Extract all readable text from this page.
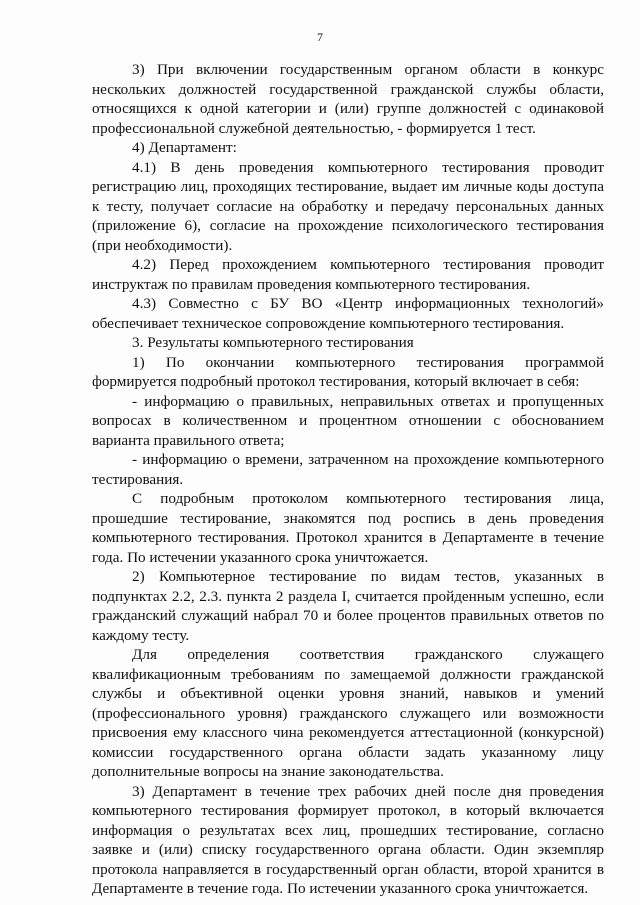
7

3) При включении государственным органом области в конкурс нескольких должностей государственной гражданской службы области, относящихся к одной категории и (или) группе должностей с одинаковой профессиональной служебной деятельностью, - формируется 1 тест.

4) Департамент:

4.1) В день проведения компьютерного тестирования проводит регистрацию лиц, проходящих тестирование, выдает им личные коды доступа к тесту, получает согласие на обработку и передачу персональных данных (приложение 6), согласие на прохождение психологического тестирования (при необходимости).

4.2) Перед прохождением компьютерного тестирования проводит инструктаж по правилам проведения компьютерного тестирования.

4.3) Совместно с БУ ВО «Центр информационных технологий» обеспечивает техническое сопровождение компьютерного тестирования.

3. Результаты компьютерного тестирования

1) По окончании компьютерного тестирования программой формируется подробный протокол тестирования, который включает в себя:

- информацию о правильных, неправильных ответах и пропущенных вопросах в количественном и процентном отношении с обоснованием варианта правильного ответа;

- информацию о времени, затраченном на прохождение компьютерного тестирования.

С подробным протоколом компьютерного тестирования лица, прошедшие тестирование, знакомятся под роспись в день проведения компьютерного тестирования. Протокол хранится в Департаменте в течение года. По истечении указанного срока уничтожается.

2) Компьютерное тестирование по видам тестов, указанных в подпунктах 2.2, 2.3. пункта 2 раздела I, считается пройденным успешно, если гражданский служащий набрал 70 и более процентов правильных ответов по каждому тесту.

Для определения соответствия гражданского служащего квалификационным требованиям по замещаемой должности гражданской службы и объективной оценки уровня знаний, навыков и умений (профессионального уровня) гражданского служащего или возможности присвоения ему классного чина рекомендуется аттестационной (конкурсной) комиссии государственного органа области задать указанному лицу дополнительные вопросы на знание законодательства.

3) Департамент в течение трех рабочих дней после дня проведения компьютерного тестирования формирует протокол, в который включается информация о результатах всех лиц, прошедших тестирование, согласно заявке и (или) списку государственного органа области. Один экземпляр протокола направляется в государственный орган области, второй хранится в Департаменте в течение года. По истечении указанного срока уничтожается.
